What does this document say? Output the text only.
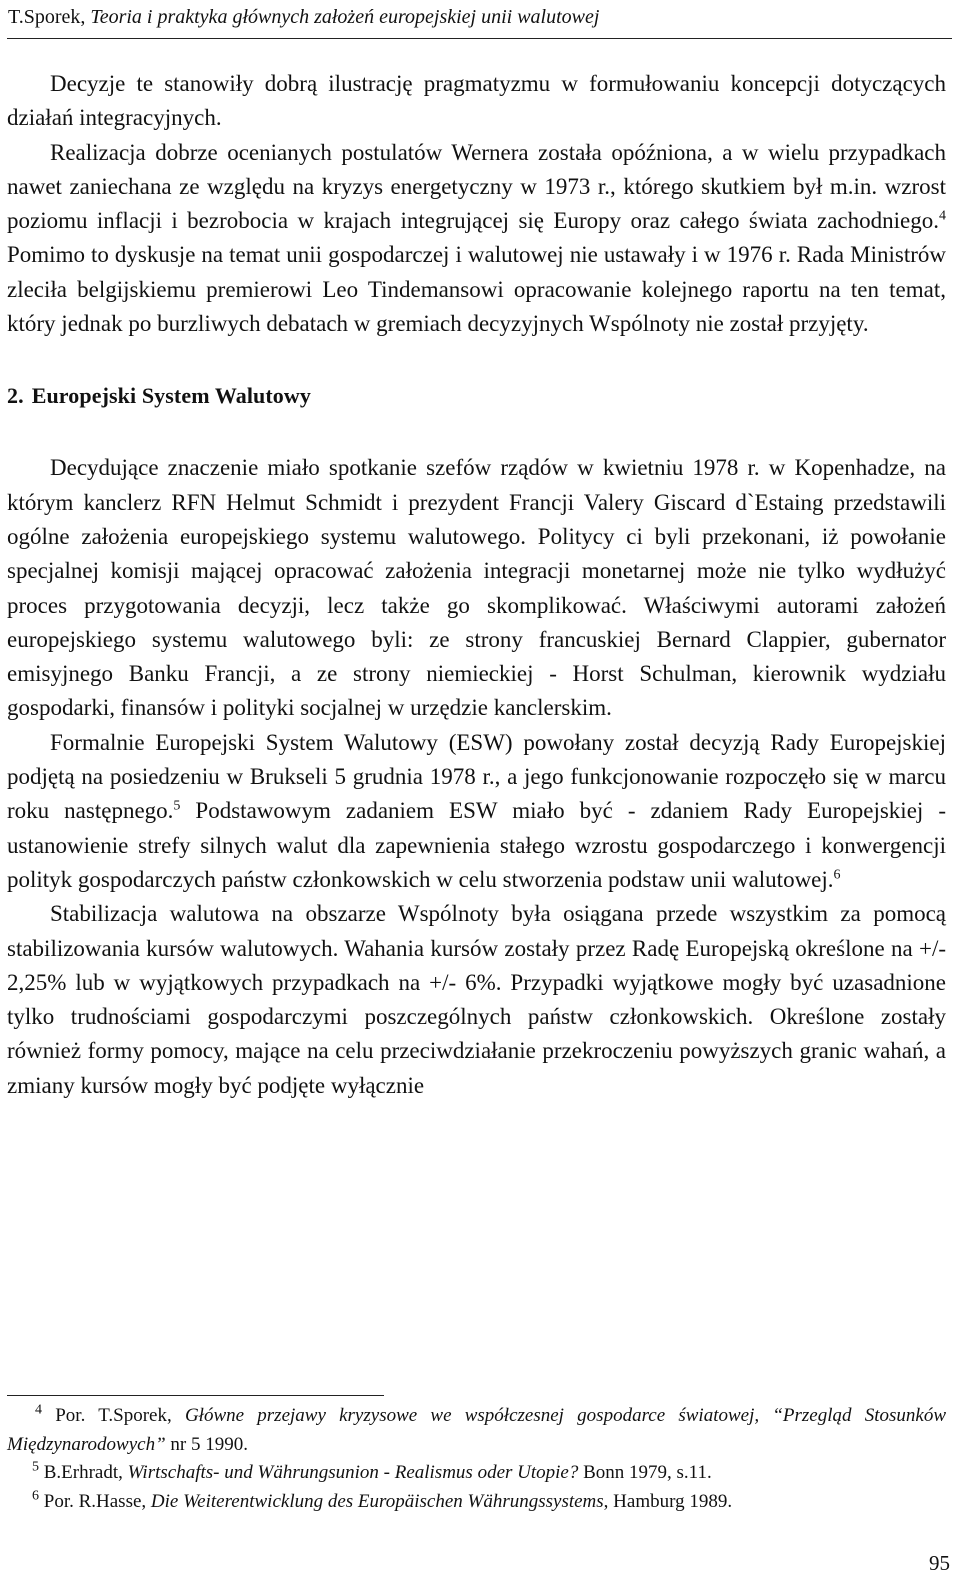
T.Sporek, Teoria i praktyka głównych założeń europejskiej unii walutowej

Decyzje te stanowiły dobrą ilustrację pragmatyzmu w formułowaniu koncepcji dotyczących działań integracyjnych.

Realizacja dobrze ocenianych postulatów Wernera została opóźniona, a w wielu przypadkach nawet zaniechana ze względu na kryzys energetyczny w 1973 r., którego skutkiem był m.in. wzrost poziomu inflacji i bezrobocia w krajach integrującej się Europy oraz całego świata zachodniego.$^4$ Pomimo to dyskusje na temat unii gospodarczej i walutowej nie ustawały i w 1976 r. Rada Ministrów zleciła belgijskiemu premierowi Leo Tindemansowi opracowanie kolejnego raportu na ten temat, który jednak po burzliwych debatach w gremiach decyzyjnych Wspólnoty nie został przyjęty.

2. Europejski System Walutowy

Decydujące znaczenie miało spotkanie szefów rządów w kwietniu 1978 r. w Kopenhadze, na którym kanclerz RFN Helmut Schmidt i prezydent Francji Valery Giscard d`Estaing przedstawili ogólne założenia europejskiego systemu walutowego. Politycy ci byli przekonani, iż powołanie specjalnej komisji mającej opracować założenia integracji monetarnej może nie tylko wydłużyć proces przygotowania decyzji, lecz także go skomplikować. Właściwymi autorami założeń europejskiego systemu walutowego byli: ze strony francuskiej Bernard Clappier, gubernator emisyjnego Banku Francji, a ze strony niemieckiej - Horst Schulman, kierownik wydziału gospodarki, finansów i polityki socjalnej w urzędzie kanclerskim.

Formalnie Europejski System Walutowy (ESW) powołany został decyzją Rady Europejskiej podjętą na posiedzeniu w Brukseli 5 grudnia 1978 r., a jego funkcjonowanie rozpoczęło się w marcu roku następnego.$^5$ Podstawowym zadaniem ESW miało być - zdaniem Rady Europejskiej - ustanowienie strefy silnych walut dla zapewnienia stałego wzrostu gospodarczego i konwergencji polityk gospodarczych państw członkowskich w celu stworzenia podstaw unii walutowej.$^6$

Stabilizacja walutowa na obszarze Wspólnoty była osiągana przede wszystkim za pomocą stabilizowania kursów walutowych. Wahania kursów zostały przez Radę Europejską określone na +/- 2,25% lub w wyjątkowych przypadkach na +/- 6%. Przypadki wyjątkowe mogły być uzasadnione tylko trudnościami gospodarczymi poszczególnych państw członkowskich. Określone zostały również formy pomocy, mające na celu przeciwdziałanie przekroczeniu powyższych granic wahań, a zmiany kursów mogły być podjęte wyłącznie

$^4$ Por. T.Sporek, Główne przejawy kryzysowe we współczesnej gospodarce światowej, “Przegląd Stosunków Międzynarodowych” nr 5 1990.

$^5$ B.Erhradt, Wirtschafts- und Währungsunion - Realismus oder Utopie? Bonn 1979, s.11.

$^6$ Por. R.Hasse, Die Weiterentwicklung des Europäischen Währungssystems, Hamburg 1989.

95
